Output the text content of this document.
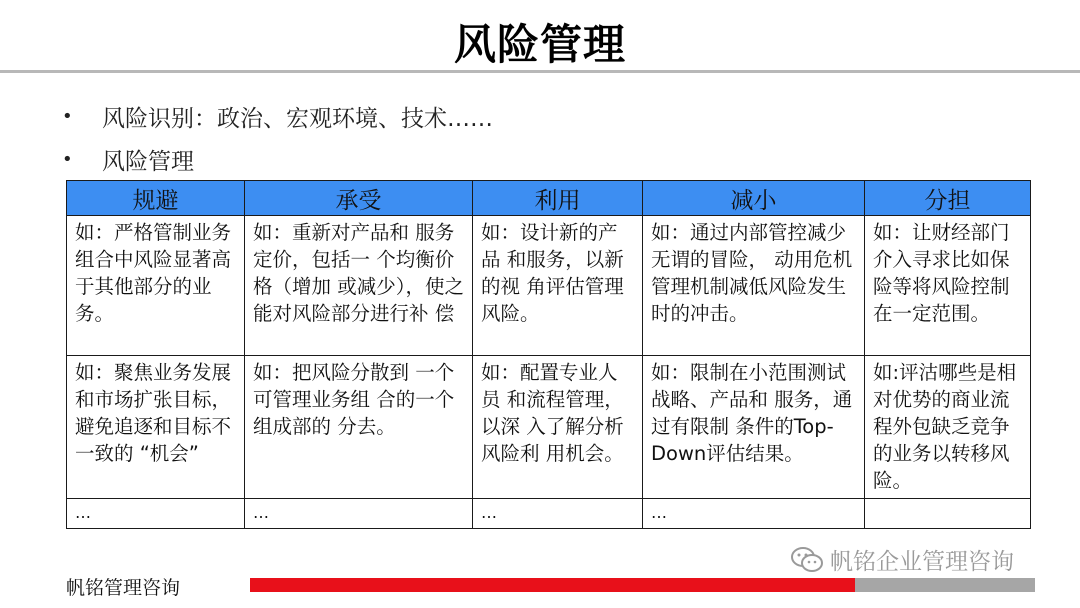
风险管理
•	风险识别：政治、宏观环境、技术……
•	风险管理
规避	承受	利用	减小	分担
如：严格管制业务组合中风险显著高 于其他部分的业务。	如：重新对产品和 服务定价，包括一 个均衡价格（增加 或减少），使之能对风险部分进行补 偿	如：设计新的产品 和服务，以新的视 角评估管理风险。	如：通过内部管控减少无谓的冒险， 动用危机管理机制减低风险发生时的冲击。	如：让财经部门介入寻求比如保险等将风险控制在一定范围。
如：聚焦业务发展和市场扩张目标， 避免追逐和目标不一致的 “机会”	如：把风险分散到 一个可管理业务组 合的一个组成部的 分去。	如：配置专业人员 和流程管理，以深 入了解分析风险利 用机会。	如：限制在小范围测试战略、产品和 服务，通过有限制 条件的Top-Down评估结果。	如:评沽哪些是相对优势的商业流程外包缺乏竞争的业务以转移风险。
…	…	…	…	
帆铭企业管理咨询
帆铭管理咨询
